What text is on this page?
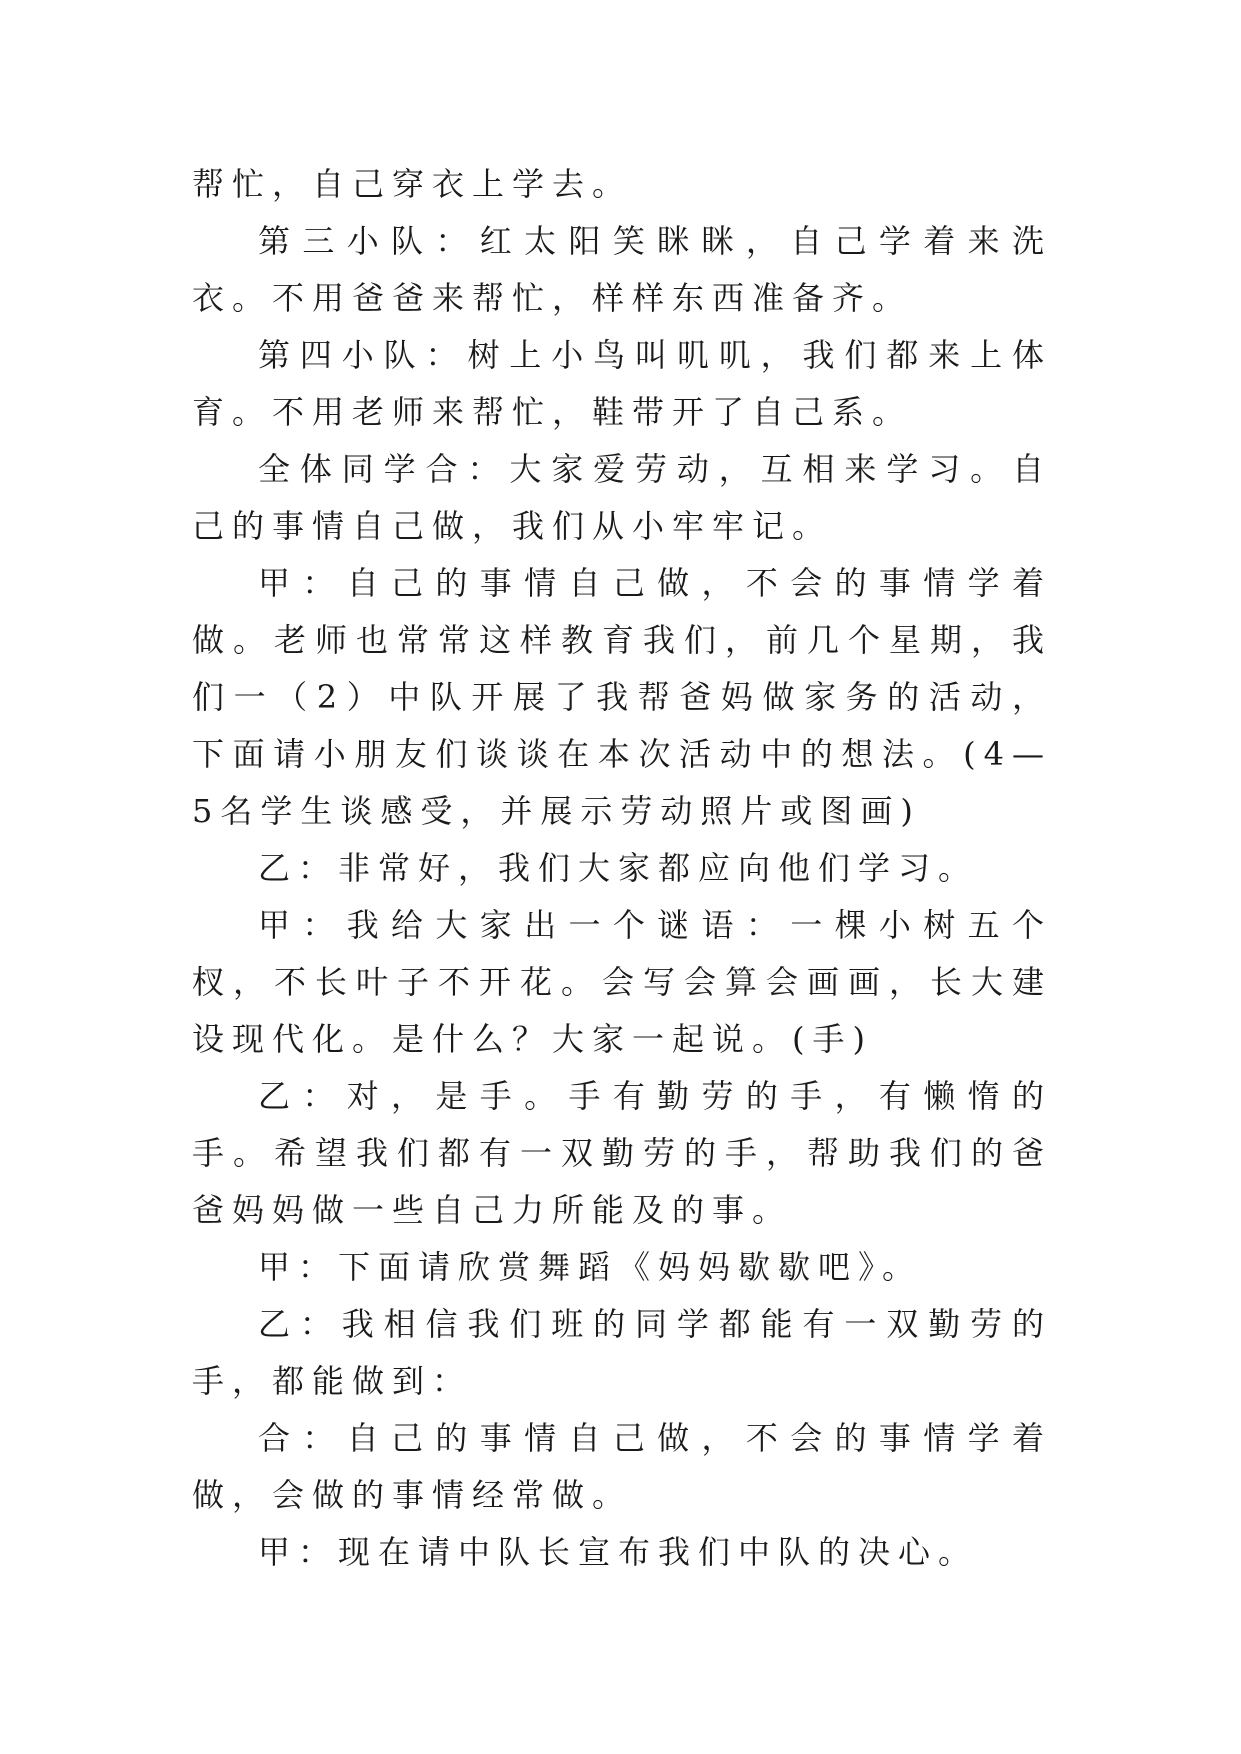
帮忙，自己穿衣上学去。

第三小队：红太阳笑眯眯，自己学着来洗衣。不用爸爸来帮忙，样样东西准备齐。

第四小队：树上小鸟叫叽叽，我们都来上体育。不用老师来帮忙，鞋带开了自己系。

全体同学合：大家爱劳动，互相来学习。自己的事情自己做，我们从小牢牢记。

甲：自己的事情自己做，不会的事情学着做。老师也常常这样教育我们，前几个星期，我们一（2）中队开展了我帮爸妈做家务的活动，下面请小朋友们谈谈在本次活动中的想法。(4—5名学生谈感受，并展示劳动照片或图画)

乙：非常好，我们大家都应向他们学习。

甲：我给大家出一个谜语：一棵小树五个杈，不长叶子不开花。会写会算会画画，长大建设现代化。是什么？大家一起说。(手)

乙：对，是手。手有勤劳的手，有懒惰的手。希望我们都有一双勤劳的手，帮助我们的爸爸妈妈做一些自己力所能及的事。

甲：下面请欣赏舞蹈《妈妈歇歇吧》。

乙：我相信我们班的同学都能有一双勤劳的手，都能做到：

合：自己的事情自己做，不会的事情学着做，会做的事情经常做。

甲：现在请中队长宣布我们中队的决心。
